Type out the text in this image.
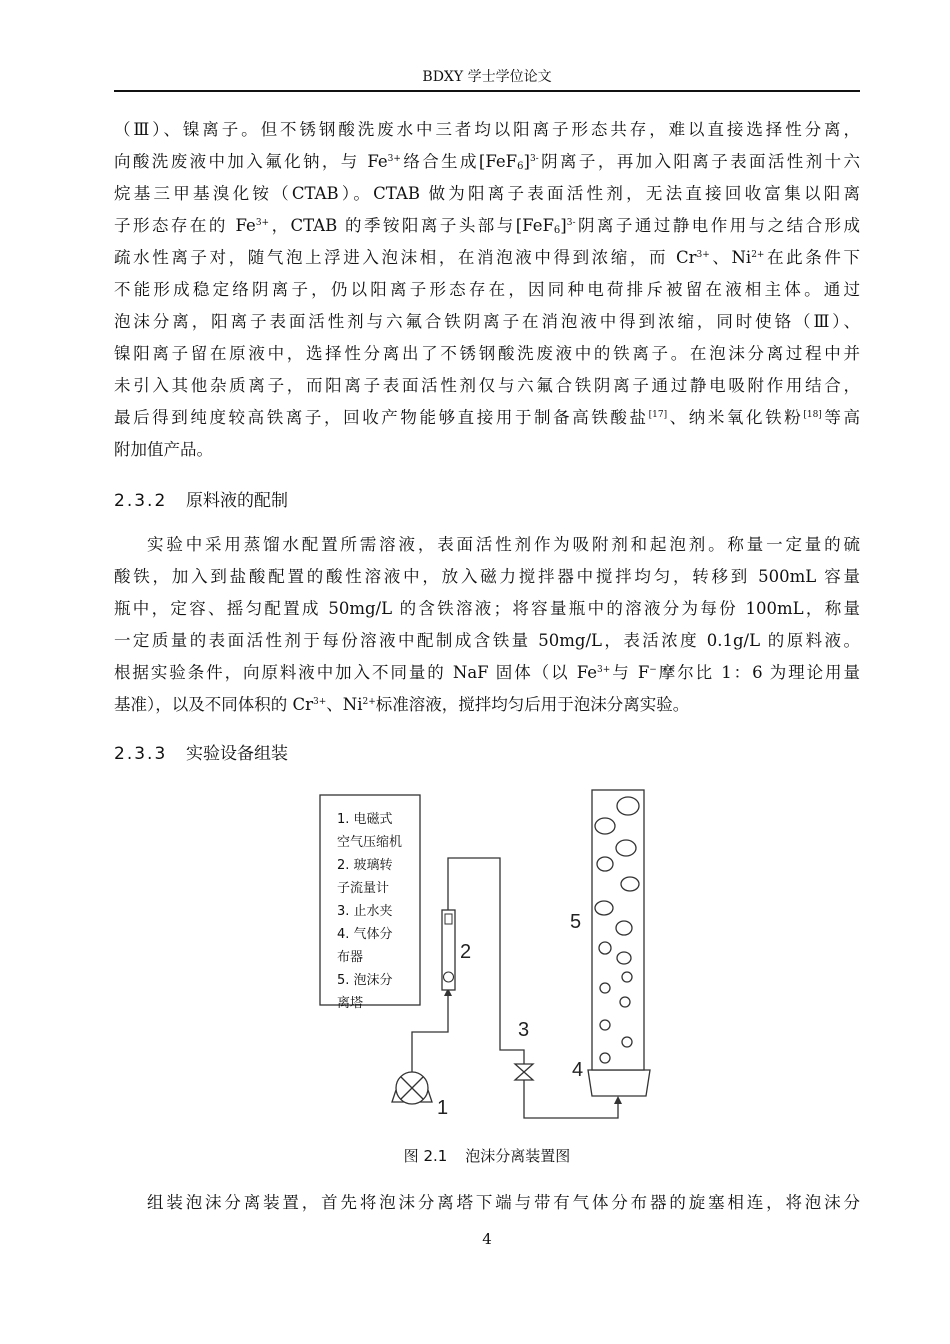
BDXY 学士学位论文
（Ⅲ）、镍离子。但不锈钢酸洗废水中三者均以阳离子形态共存，难以直接选择性分离，
向酸洗废液中加入氟化钠，与 $Fe^{3+}$络合生成$[FeF_6]^{3-}$阴离子，再加入阳离子表面活性剂十六
烷基三甲基溴化铵（CTAB）。CTAB 做为阳离子表面活性剂，无法直接回收富集以阳离
子形态存在的 $Fe^{3+}$，CTAB 的季铵阳离子头部与$[FeF_6]^{3-}$阴离子通过静电作用与之结合形成
疏水性离子对，随气泡上浮进入泡沫相，在消泡液中得到浓缩，而 $Cr^{3+}$、$Ni^{2+}$在此条件下
不能形成稳定络阴离子，仍以阳离子形态存在，因同种电荷排斥被留在液相主体。通过
泡沫分离，阳离子表面活性剂与六氟合铁阴离子在消泡液中得到浓缩，同时使铬（Ⅲ）、
镍阳离子留在原液中，选择性分离出了不锈钢酸洗废液中的铁离子。在泡沫分离过程中并
未引入其他杂质离子，而阳离子表面活性剂仅与六氟合铁阴离子通过静电吸附作用结合，
最后得到纯度较高铁离子，回收产物能够直接用于制备高铁酸盐[17]、纳米氧化铁粉[18]等高
附加值产品。
2.3.2 原料液的配制
实验中采用蒸馏水配置所需溶液，表面活性剂作为吸附剂和起泡剂。称量一定量的硫
酸铁，加入到盐酸配置的酸性溶液中，放入磁力搅拌器中搅拌均匀，转移到 500mL 容量
瓶中，定容、摇匀配置成 50mg/L 的含铁溶液；将容量瓶中的溶液分为每份 100mL，称量
一定质量的表面活性剂于每份溶液中配制成含铁量 50mg/L，表活浓度 0.1g/L 的原料液。
根据实验条件，向原料液中加入不同量的 NaF 固体（以 $Fe^{3+}$与 F−摩尔比 1：6 为理论用量
基准），以及不同体积的 $Cr^{3+}$、$Ni^{2+}$标准溶液，搅拌均匀后用于泡沫分离实验。
2.3.3 实验设备组装
1. 电磁式 空气压缩机 2. 玻璃转 子流量计 3. 止水夹 4. 气体分 布器 5. 泡沫分 离塔
1
2
3
4
5
图 2.1 泡沫分离装置图
组装泡沫分离装置，首先将泡沫分离塔下端与带有气体分布器的旋塞相连，将泡沫分
4
